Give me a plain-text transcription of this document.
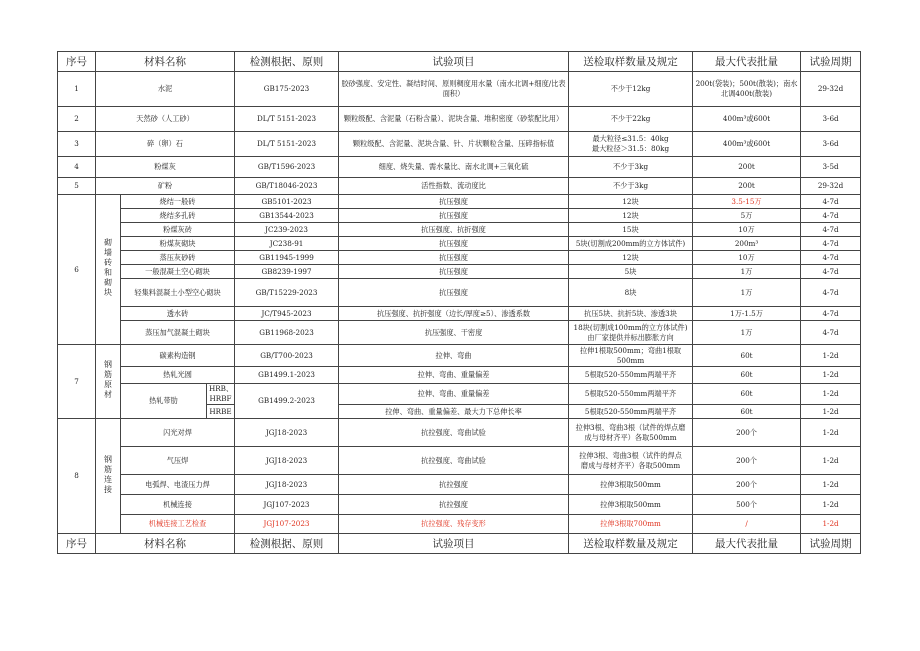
序号	材料名称			检测根据、原则	试验项目	送检取样数量及规定	最大代表批量	试验周期
1	水泥			GB175-2023	胶砂强度、安定性、凝结时间、原则稠度用水量（南水北调+细度/比表面积）	不少于12kg	200t(袋装)；500t(散装)；南水北调400t(散装)	29-32d
2	天然砂（人工砂）			DL/T 5151-2023	颗粒级配、含泥量（石粉含量）、泥块含量、堆积密度（砂浆配比用）	不少于22kg	400m³或600t	3-6d
3	碎（卵）石			DL/T 5151-2023	颗粒级配、含泥量、泥块含量、针、片状颗粒含量、压碎指标值	最大粒径≤31.5：40kg
最大粒径＞31.5：80kg	400m³或600t	3-6d
4	粉煤灰			GB/T1596-2023	细度、烧失量、需水量比、南水北调+三氧化硫	不少于3kg	200t	3-5d
5	矿粉			GB/T18046-2023	活性指数、流动度比	不少于3kg	200t	29-32d
6	砌墙砖和砌块	烧结一般砖		GB5101-2023	抗压强度	12块	3.5-15万	4-7d
		烧结多孔砖		GB13544-2023	抗压强度	12块	5万	4-7d
		粉煤灰砖		JC239-2023	抗压强度、抗折强度	15块	10万	4-7d
		粉煤灰砌块		JC238-91	抗压强度	5块(切割成200mm的立方体试件)	200m³	4-7d
		蒸压灰砂砖		GB11945-1999	抗压强度	12块	10万	4-7d
		一般混凝土空心砌块		GB8239-1997	抗压强度	5块	1万	4-7d
		轻集料混凝土小型空心砌块		GB/T15229-2023	抗压强度	8块	1万	4-7d
		透水砖		JC/T945-2023	抗压强度、抗折强度（边长/厚度≥5）、渗透系数	抗压5块、抗折5块、渗透3块	1万-1.5万	4-7d
		蒸压加气混凝土砌块		GB11968-2023	抗压强度、干密度	18块(切割成100mm的立方体试件)
由厂家提供并标出膨胀方向	1万	4-7d
7	钢筋原材	碳素构造钢		GB/T700-2023	拉伸、弯曲	拉伸1根取500mm；弯曲1根取500mm	60t	1-2d
		热轧光圆		GB1499.1-2023	拉伸、弯曲、重量偏差	5根取520-550mm两端平齐	60t	1-2d
		热轧带肋	HRB、HRBF	GB1499.2-2023	拉伸、弯曲、重量偏差	5根取520-550mm两端平齐	60t	1-2d
			HRBE		拉伸、弯曲、重量偏差、最大力下总伸长率	5根取520-550mm两端平齐	60t	1-2d
8	钢筋连接	闪光对焊		JGJ18-2023	抗拉强度、弯曲试验	拉伸3根、弯曲3根（试件的焊点磨
成与母材齐平）各取500mm	200个	1-2d
		气压焊		JGJ18-2023	抗拉强度、弯曲试验	拉伸3根、弯曲3根（试件的焊点
磨成与母材齐平）各取500mm	200个	1-2d
		电弧焊、电渣压力焊		JGJ18-2023	抗拉强度	拉伸3根取500mm	200个	1-2d
		机械连接		JGJ107-2023	抗拉强度	拉伸3根取500mm	500个	1-2d
		机械连接工艺检查		JGJ107-2023	抗拉强度、残存变形	拉伸3根取700mm	/	1-2d
序号	材料名称			检测根据、原则	试验项目	送检取样数量及规定	最大代表批量	试验周期
